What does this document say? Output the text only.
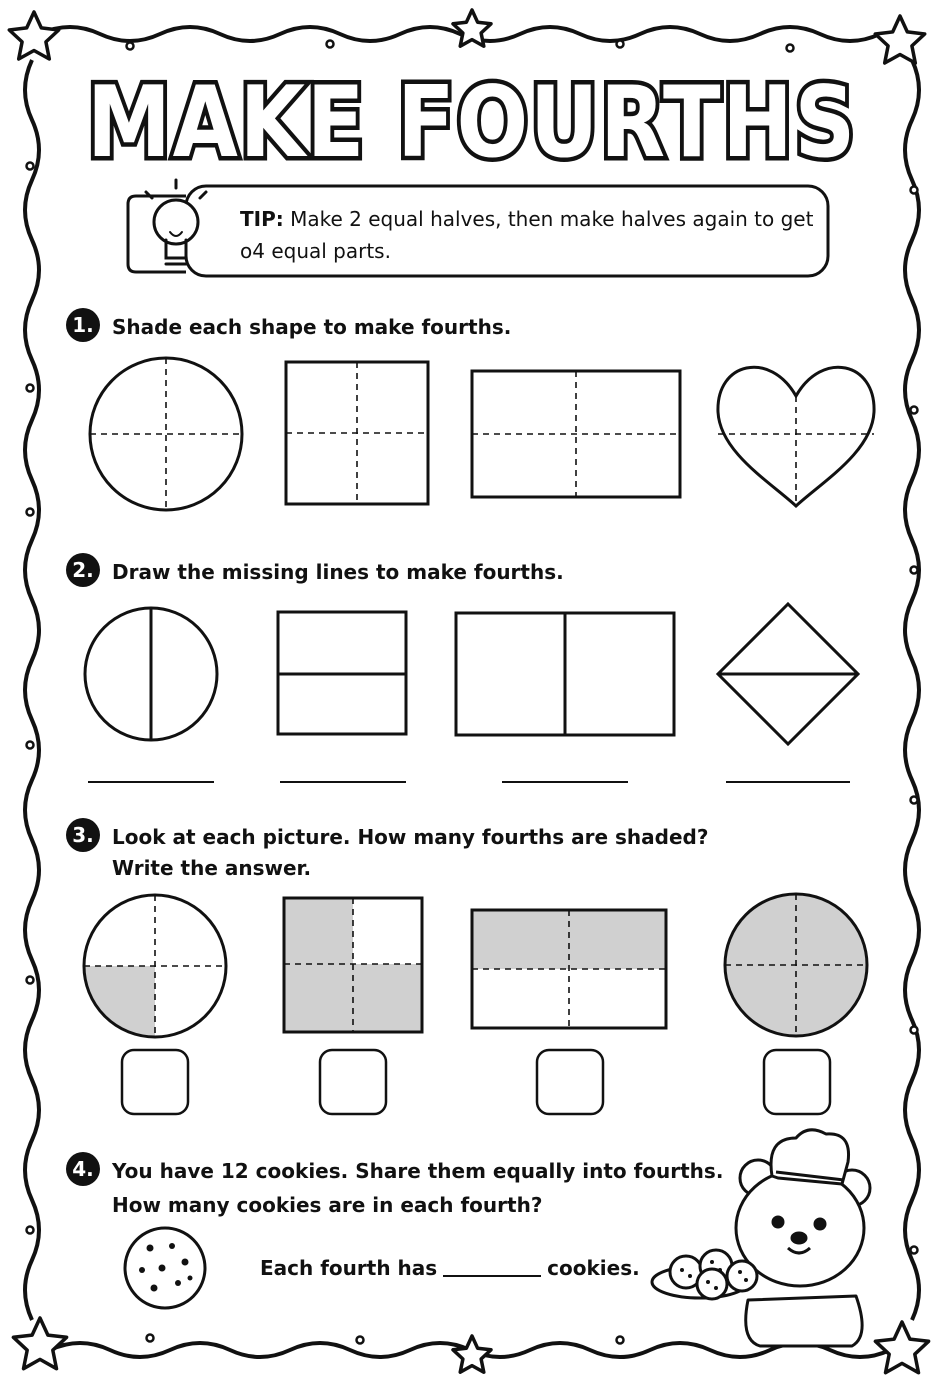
MAKE FOURTHS
TIP: Make 2 equal halves, then make halves again to get
o4 equal parts.
1. Shade each shape to make fourths.
2. Draw the missing lines to make fourths.
3. Look at each picture. How many fourths are shaded?
Write the answer.
4. You have 12 cookies. Share them equally into fourths.
How many cookies are in each fourth?
Each fourth has	cookies.
